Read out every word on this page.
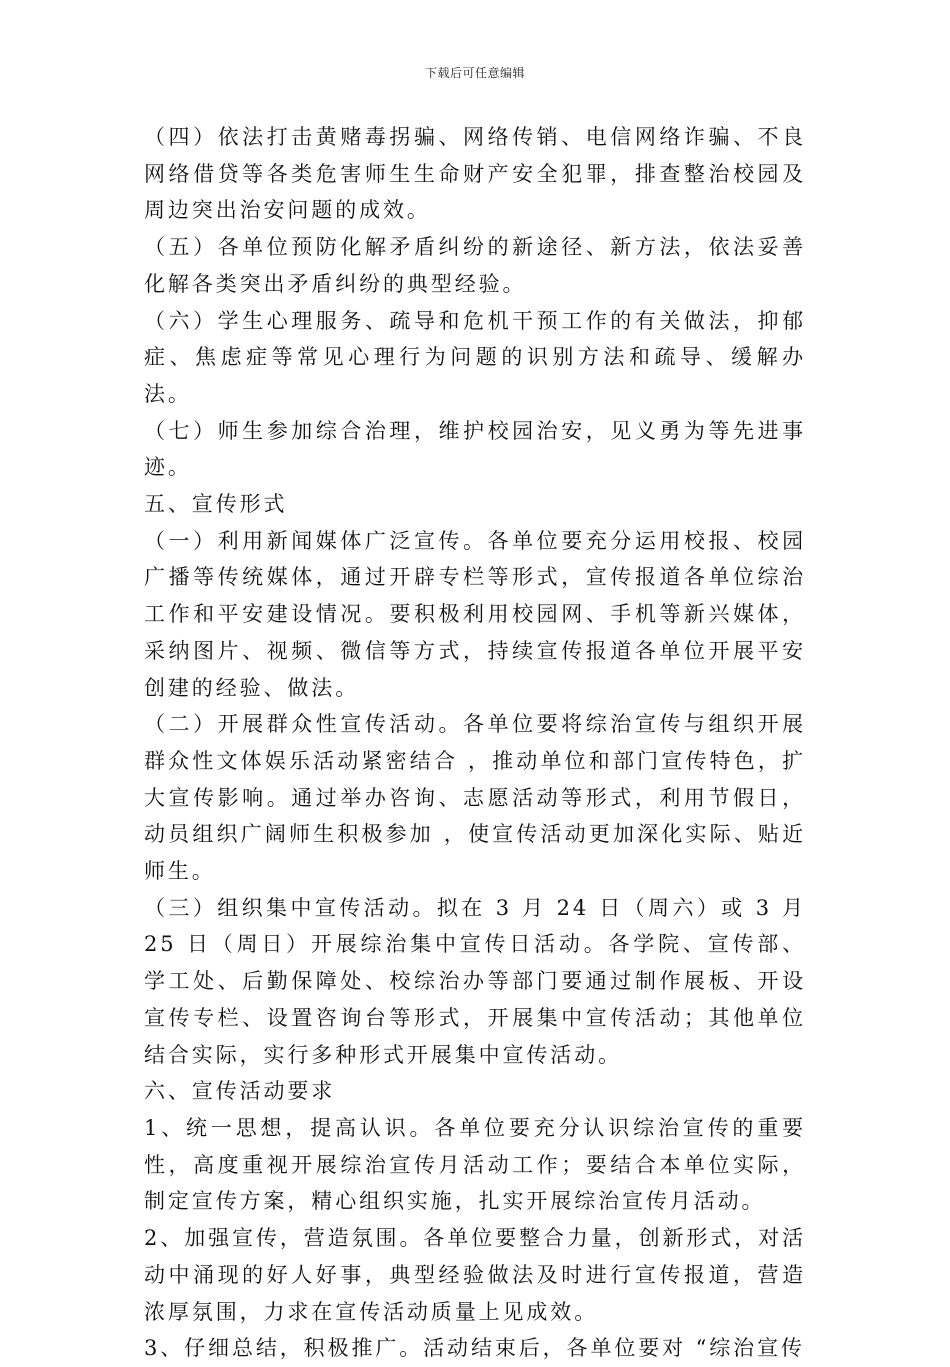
下载后可任意编辑

（四）依法打击黄赌毒拐骗、网络传销、电信网络诈骗、不良网络借贷等各类危害师生生命财产安全犯罪，排查整治校园及周边突出治安问题的成效。

（五）各单位预防化解矛盾纠纷的新途径、新方法，依法妥善化解各类突出矛盾纠纷的典型经验。

（六）学生心理服务、疏导和危机干预工作的有关做法，抑郁症、焦虑症等常见心理行为问题的识别方法和疏导、缓解办法。

（七）师生参加综合治理，维护校园治安，见义勇为等先进事迹。

五、宣传形式

（一）利用新闻媒体广泛宣传。各单位要充分运用校报、校园广播等传统媒体，通过开辟专栏等形式，宣传报道各单位综治工作和平安建设情况。要积极利用校园网、手机等新兴媒体，采纳图片、视频、微信等方式，持续宣传报道各单位开展平安创建的经验、做法。

（二）开展群众性宣传活动。各单位要将综治宣传与组织开展群众性文体娱乐活动紧密结合 ，推动单位和部门宣传特色，扩大宣传影响。通过举办咨询、志愿活动等形式，利用节假日，动员组织广阔师生积极参加 ，使宣传活动更加深化实际、贴近师生。

（三）组织集中宣传活动。拟在 3 月 24 日（周六）或 3 月 25 日（周日）开展综治集中宣传日活动。各学院、宣传部、学工处、后勤保障处、校综治办等部门要通过制作展板、开设宣传专栏、设置咨询台等形式，开展集中宣传活动；其他单位结合实际，实行多种形式开展集中宣传活动。

六、宣传活动要求

1、统一思想，提高认识。各单位要充分认识综治宣传的重要性，高度重视开展综治宣传月活动工作；要结合本单位实际，制定宣传方案，精心组织实施，扎实开展综治宣传月活动。

2、加强宣传，营造氛围。各单位要整合力量，创新形式，对活动中涌现的好人好事，典型经验做法及时进行宣传报道，营造浓厚氛围，力求在宣传活动质量上见成效。

3、仔细总结，积极推广。活动结束后，各单位要对 “综治宣传
